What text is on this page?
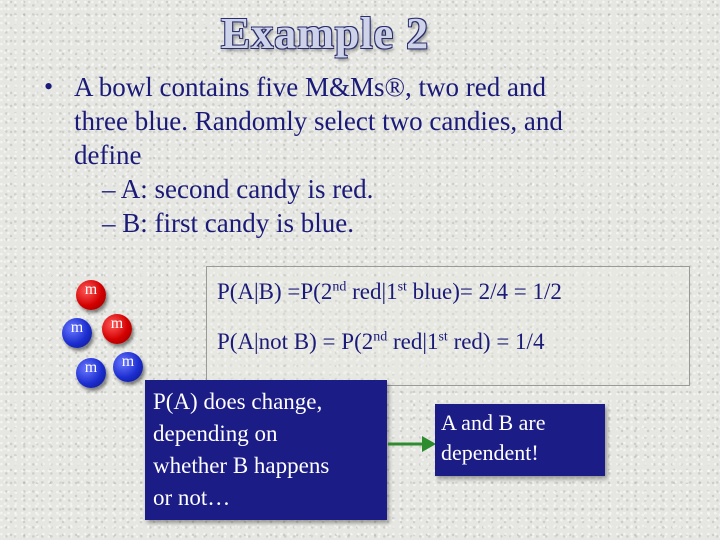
Example 2
• A bowl contains five M&Ms®, two red and
three blue. Randomly select two candies, and
define
– A: second candy is red.
– B: first candy is blue.
m
m	m
m	m
P(A|B) =P(2nd red|1st blue)= 2/4 = 1/2
P(A|not B) = P(2nd red|1st red) = 1/4
P(A) does change,
depending on
whether B happens
or not…
A and B are
dependent!
